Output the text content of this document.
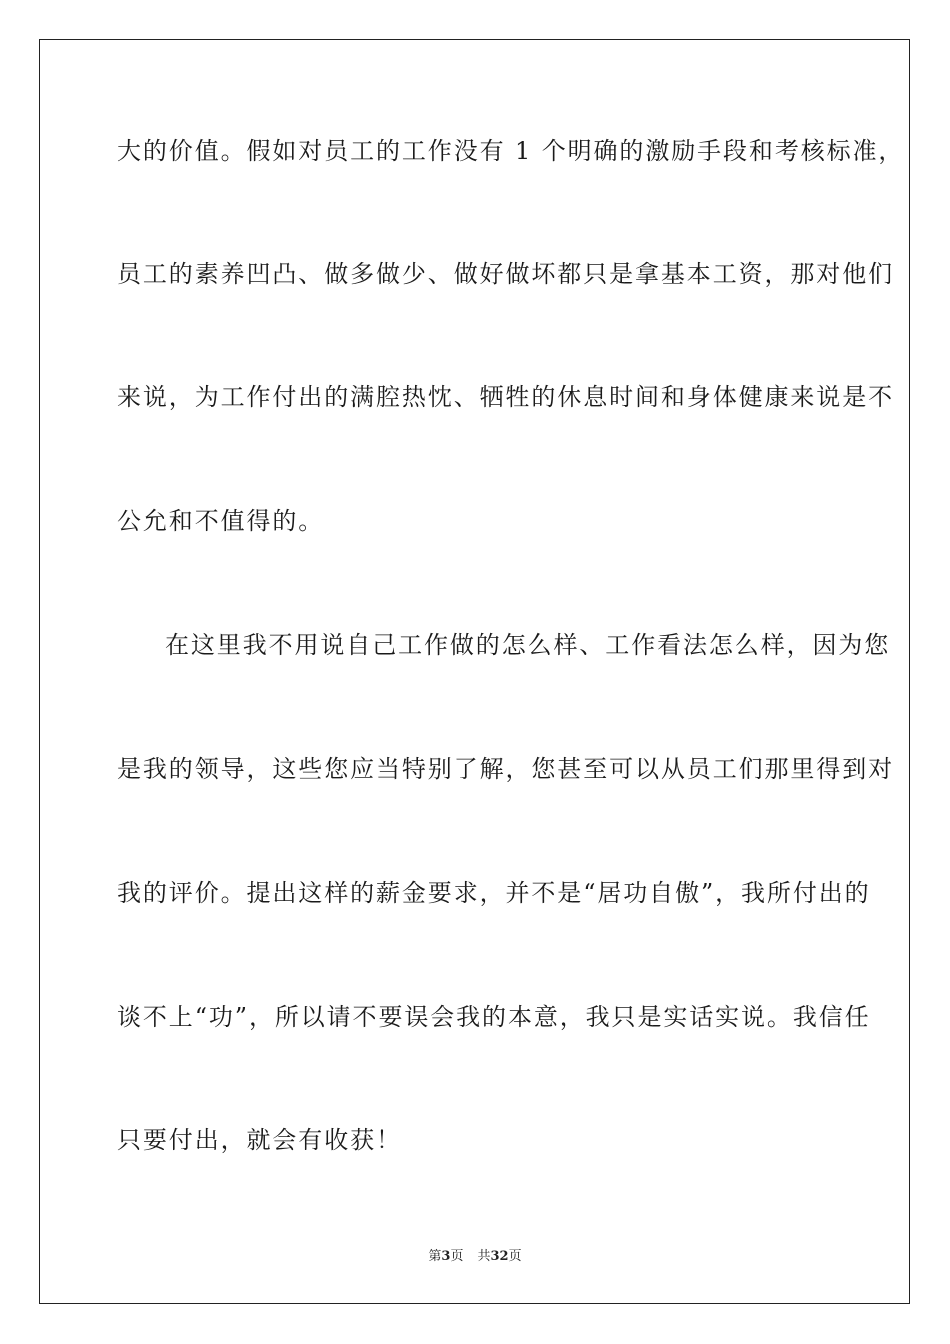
大的价值。假如对员工的工作没有 1 个明确的激励手段和考核标准，
员工的素养凹凸、做多做少、做好做坏都只是拿基本工资，那对他们
来说，为工作付出的满腔热忱、牺牲的休息时间和身体健康来说是不
公允和不值得的。
在这里我不用说自己工作做的怎么样、工作看法怎么样，因为您
是我的领导，这些您应当特别了解，您甚至可以从员工们那里得到对
我的评价。提出这样的薪金要求，并不是“居功自傲”，我所付出的
谈不上“功”，所以请不要误会我的本意，我只是实话实说。我信任
只要付出，就会有收获！
第3页 共32页
